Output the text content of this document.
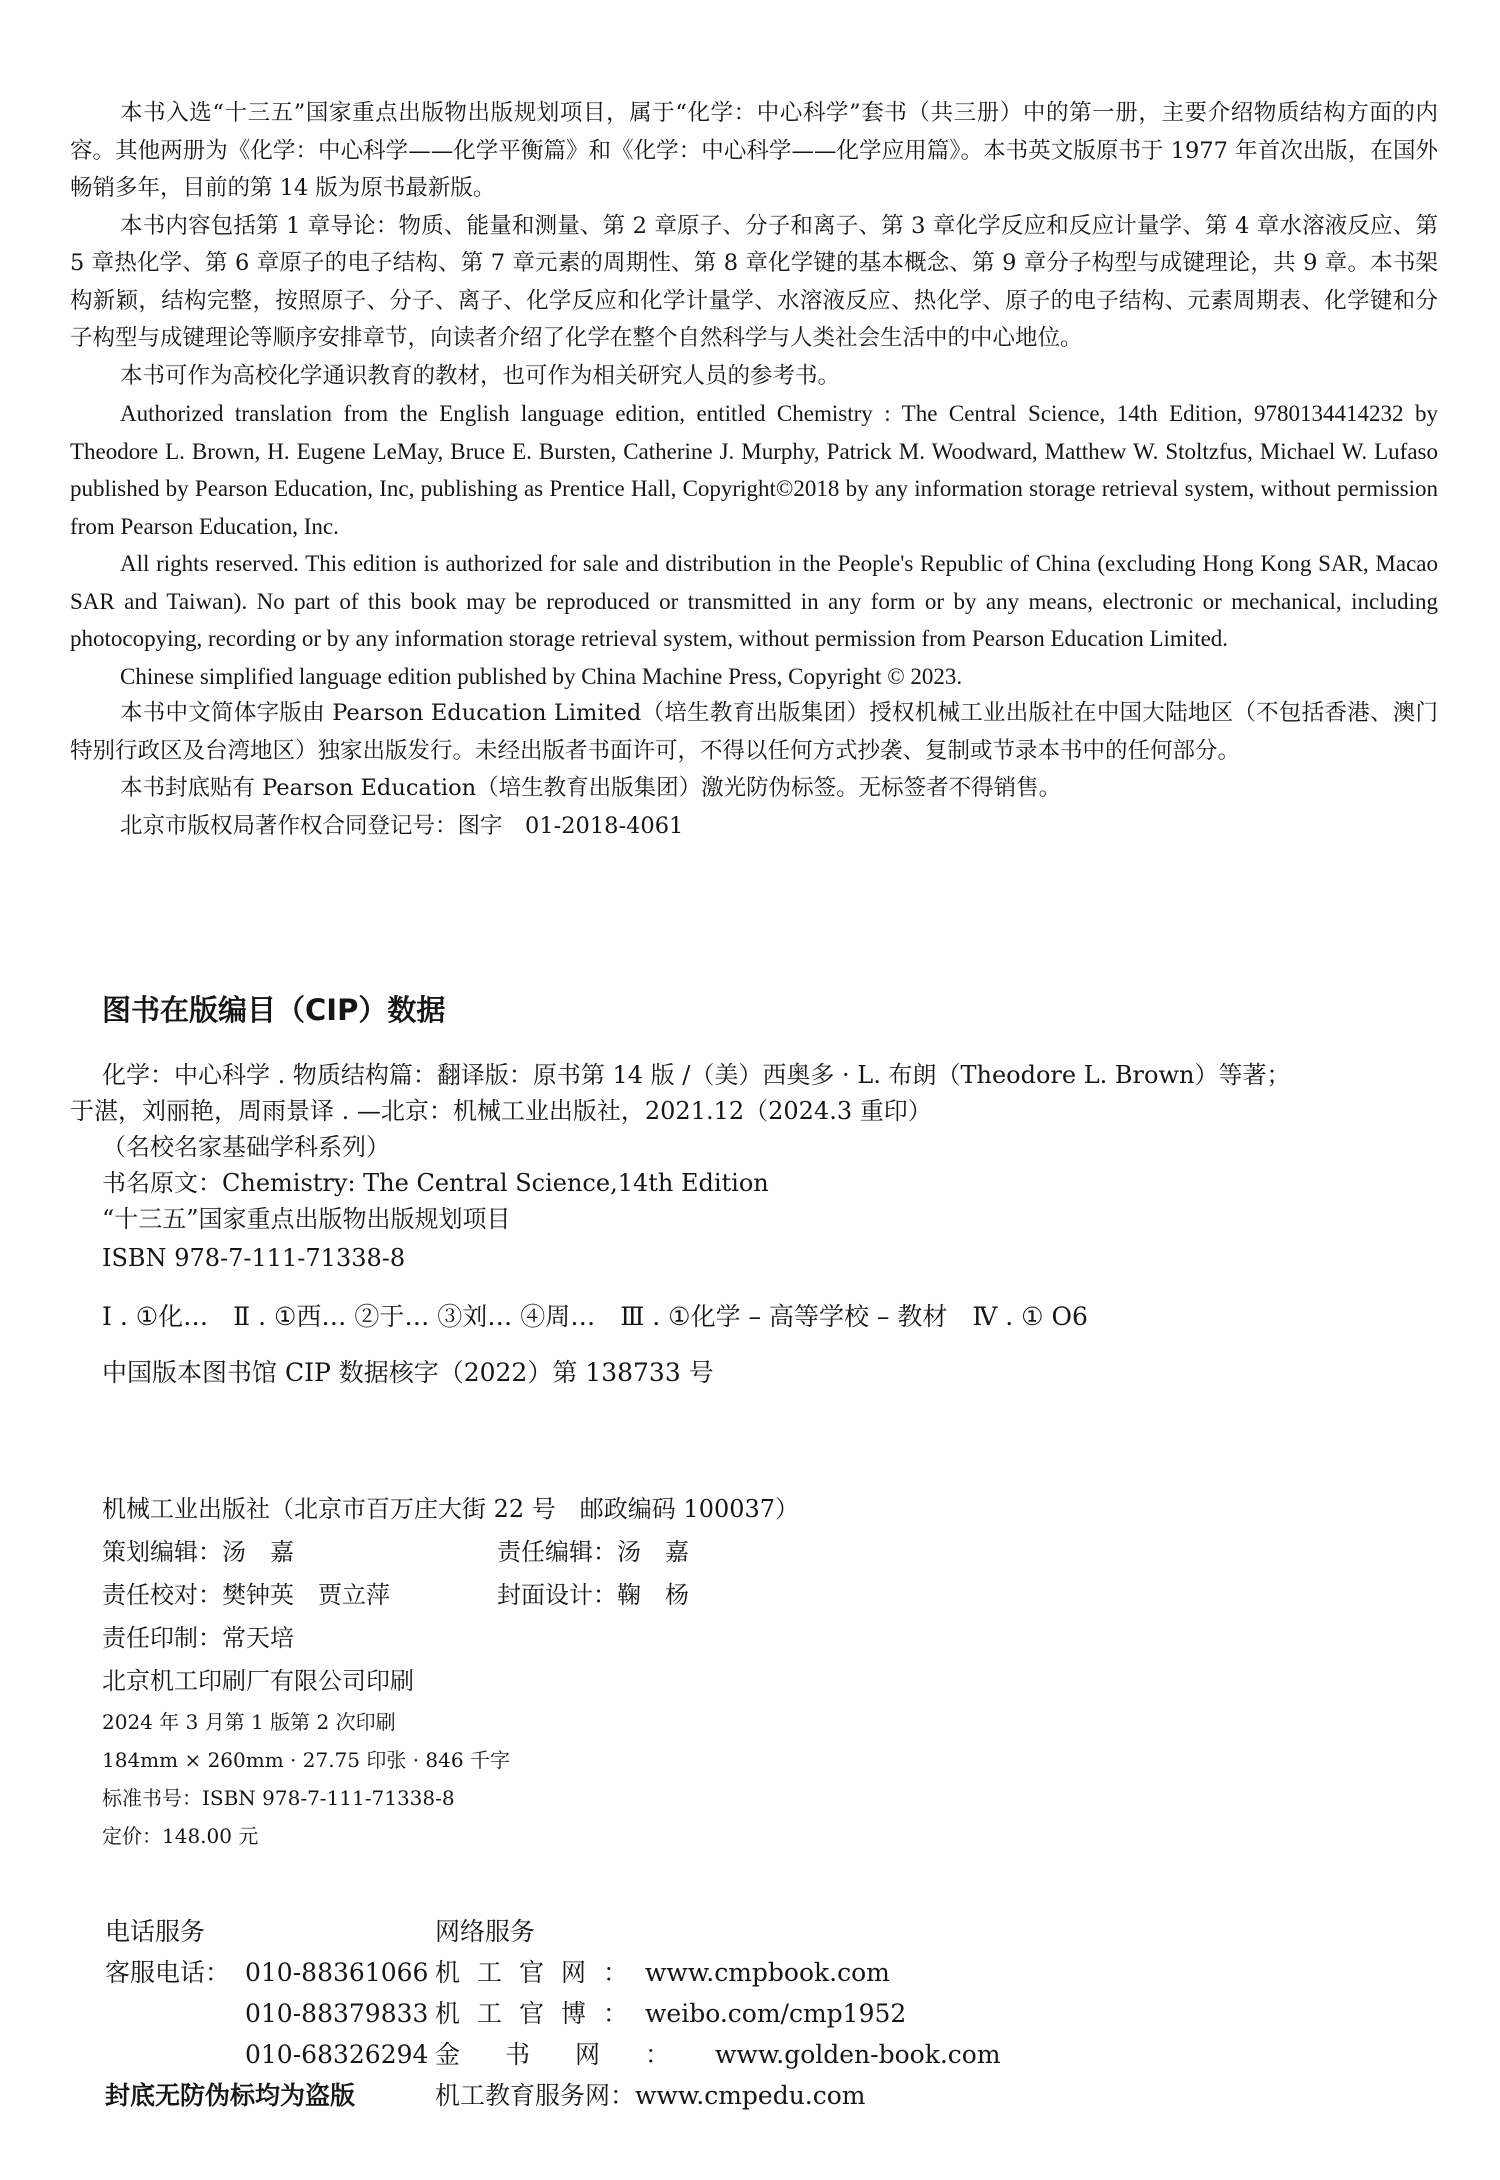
本书入选“十三五”国家重点出版物出版规划项目，属于“化学：中心科学”套书（共三册）中的第一册，主要介绍物质结构方面的内容。其他两册为《化学：中心科学——化学平衡篇》和《化学：中心科学——化学应用篇》。本书英文版原书于 1977 年首次出版，在国外畅销多年，目前的第 14 版为原书最新版。

本书内容包括第 1 章导论：物质、能量和测量、第 2 章原子、分子和离子、第 3 章化学反应和反应计量学、第 4 章水溶液反应、第 5 章热化学、第 6 章原子的电子结构、第 7 章元素的周期性、第 8 章化学键的基本概念、第 9 章分子构型与成键理论，共 9 章。本书架构新颖，结构完整，按照原子、分子、离子、化学反应和化学计量学、水溶液反应、热化学、原子的电子结构、元素周期表、化学键和分子构型与成键理论等顺序安排章节，向读者介绍了化学在整个自然科学与人类社会生活中的中心地位。

本书可作为高校化学通识教育的教材，也可作为相关研究人员的参考书。

Authorized translation from the English language edition, entitled Chemistry : The Central Science, 14th Edition, 9780134414232 by Theodore L. Brown, H. Eugene LeMay, Bruce E. Bursten, Catherine J. Murphy, Patrick M. Woodward, Matthew W. Stoltzfus, Michael W. Lufaso published by Pearson Education, Inc, publishing as Prentice Hall, Copyright©2018 by any information storage retrieval system, without permission from Pearson Education, Inc.

All rights reserved. This edition is authorized for sale and distribution in the People's Republic of China (excluding Hong Kong SAR, Macao SAR and Taiwan). No part of this book may be reproduced or transmitted in any form or by any means, electronic or mechanical, including photocopying, recording or by any information storage retrieval system, without permission from Pearson Education Limited.

Chinese simplified language edition published by China Machine Press, Copyright © 2023.

本书中文简体字版由 Pearson Education Limited（培生教育出版集团）授权机械工业出版社在中国大陆地区（不包括香港、澳门特别行政区及台湾地区）独家出版发行。未经出版者书面许可，不得以任何方式抄袭、复制或节录本书中的任何部分。

本书封底贴有 Pearson Education（培生教育出版集团）激光防伪标签。无标签者不得销售。

北京市版权局著作权合同登记号：图字　01-2018-4061

图书在版编目（CIP）数据
化学：中心科学 . 物质结构篇：翻译版：原书第 14 版 /（美）西奥多 · L. 布朗（Theodore L. Brown）等著；
于湛，刘丽艳，周雨景译 . —北京：机械工业出版社，2021.12（2024.3 重印）
（名校名家基础学科系列）
书名原文：Chemistry: The Central Science,14th Edition
“十三五”国家重点出版物出版规划项目
ISBN 978-7-111-71338-8
Ⅰ . ①化…　Ⅱ . ①西… ②于… ③刘… ④周…　Ⅲ . ①化学 – 高等学校 – 教材　Ⅳ . ① O6
中国版本图书馆 CIP 数据核字（2022）第 138733 号
机械工业出版社（北京市百万庄大街 22 号　邮政编码 100037）
策划编辑：汤　嘉	责任编辑：汤　嘉
责任校对：樊钟英　贾立萍	封面设计：鞠　杨
责任印制：常天培
北京机工印刷厂有限公司印刷
2024 年 3 月第 1 版第 2 次印刷
184mm × 260mm · 27.75 印张 · 846 千字
标准书号：ISBN 978-7-111-71338-8
定价：148.00 元
电话服务	网络服务
客服电话： 010-88361066 机工官网： www.cmpbook.com
010-88379833 机工官博： weibo.com/cmp1952
010-68326294 金书网： www.golden-book.com
封底无防伪标均为盗版	机工教育服务网： www.cmpedu.com
